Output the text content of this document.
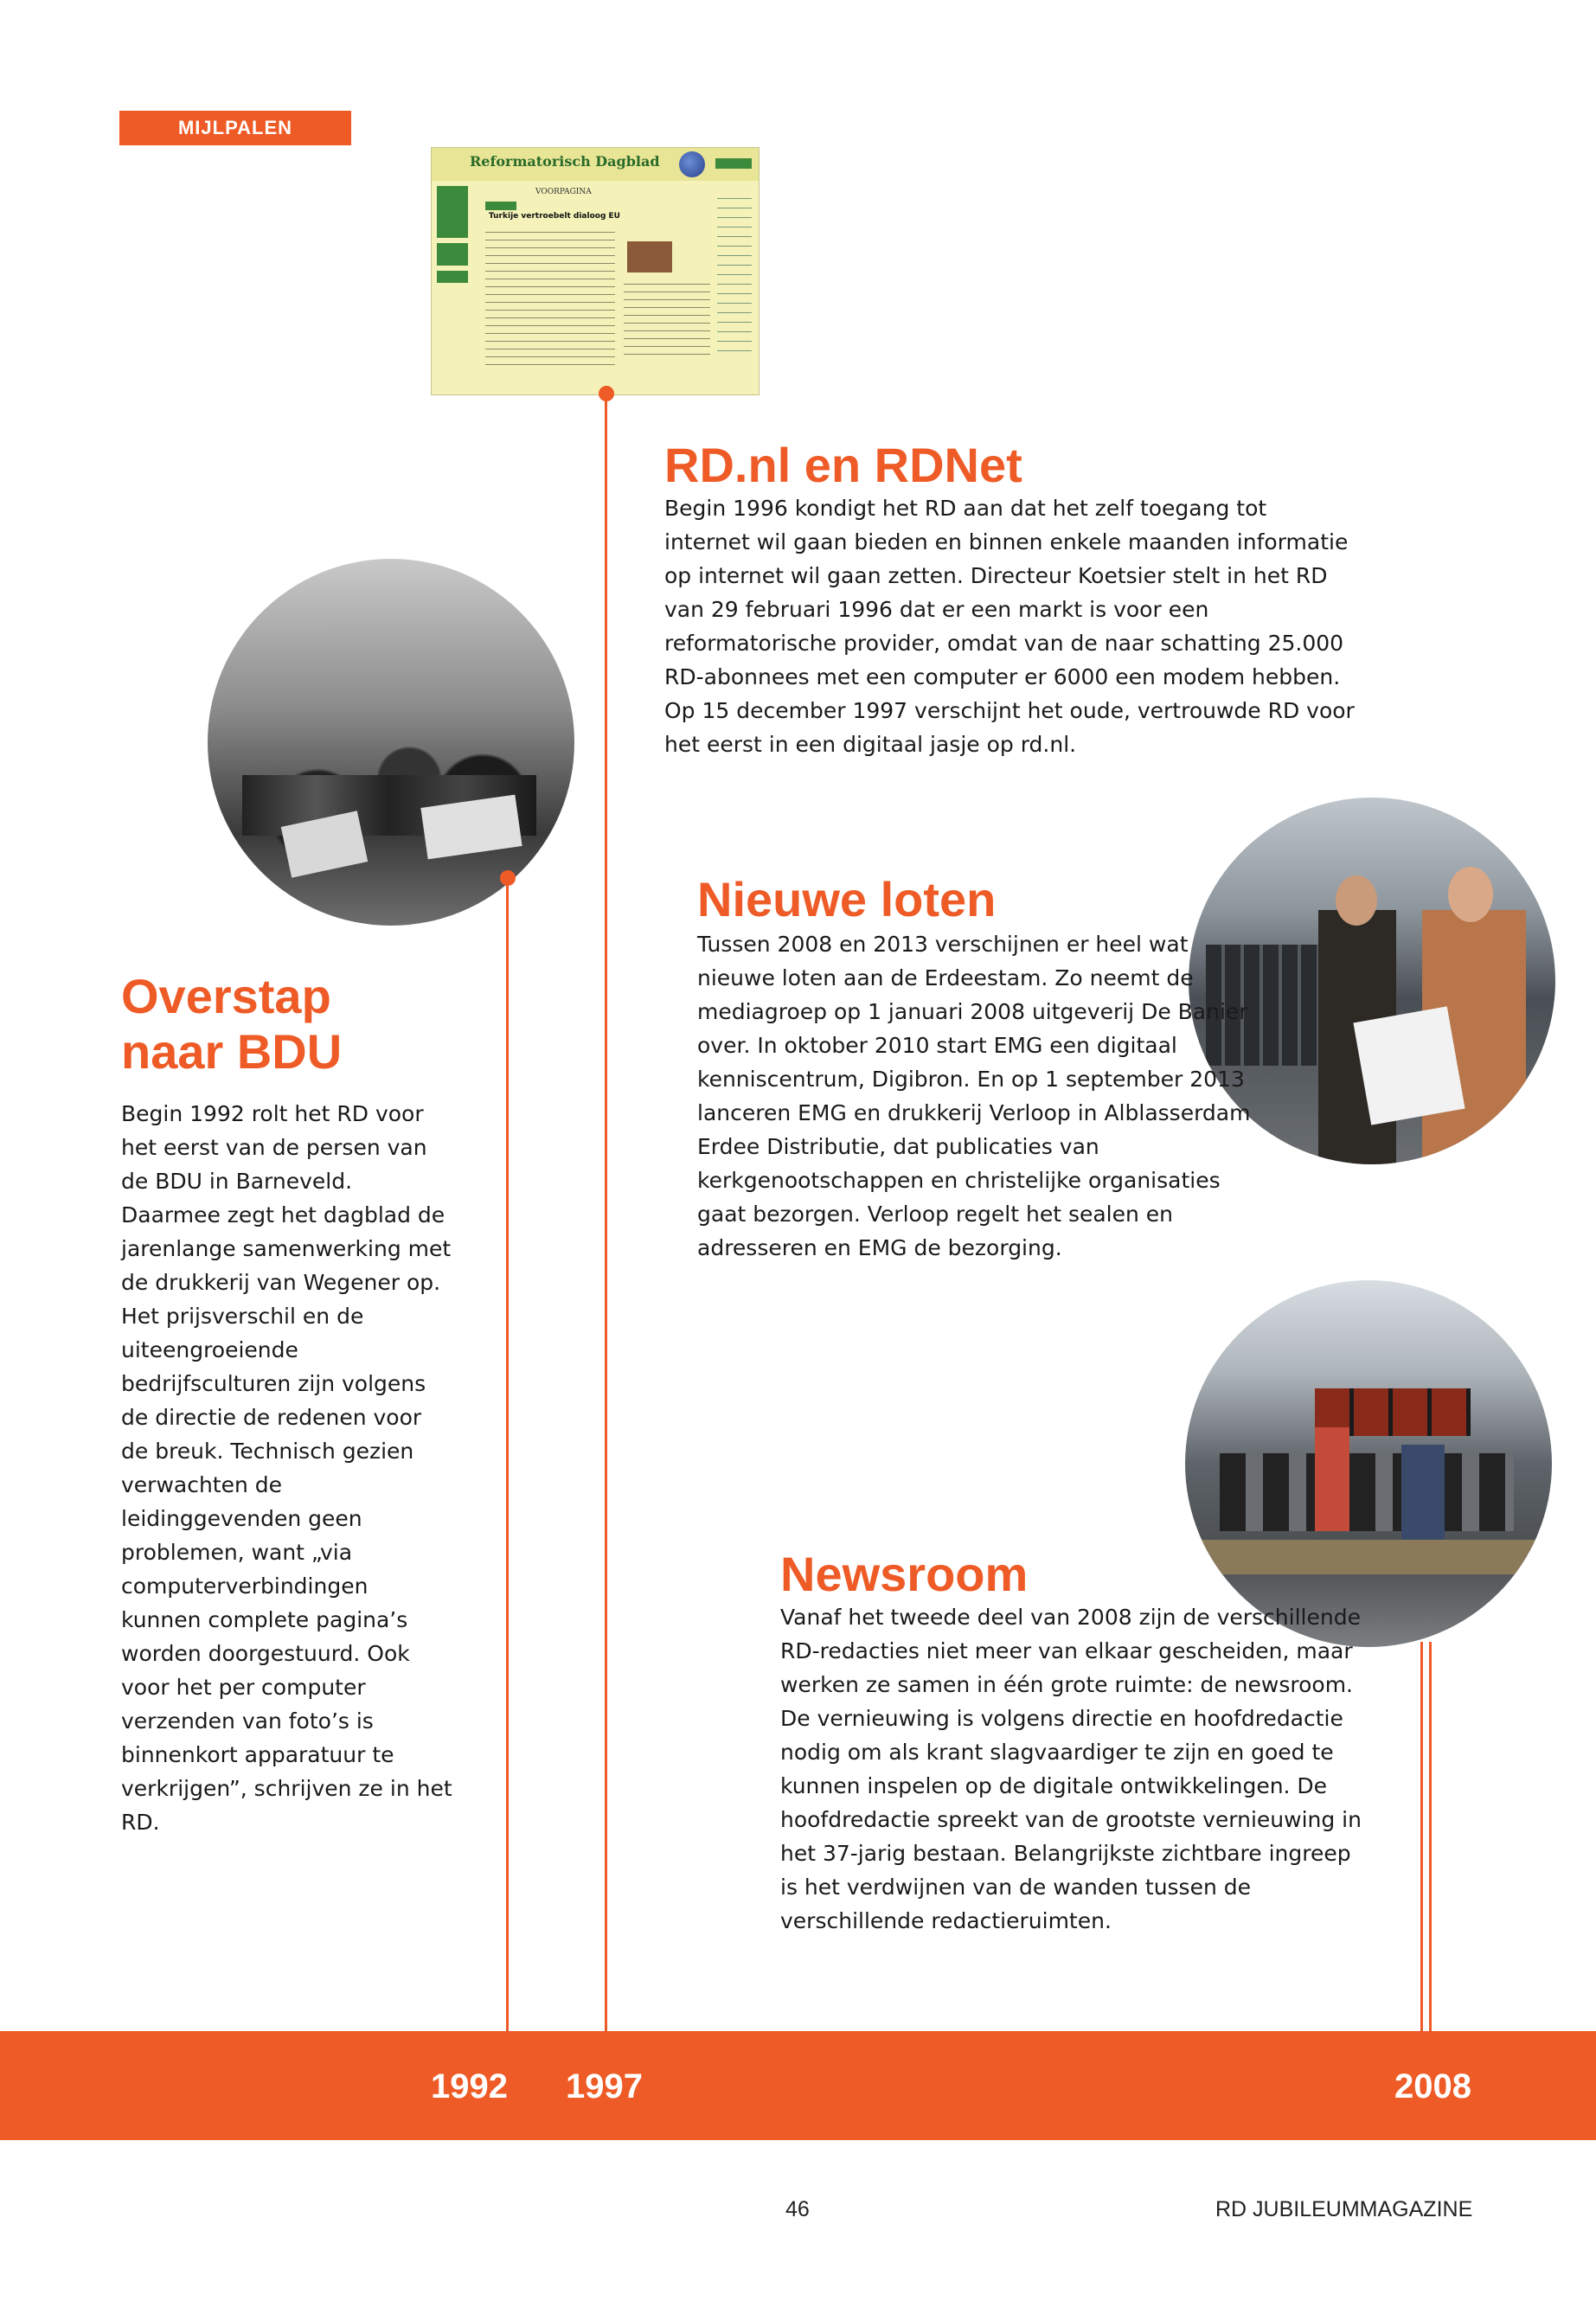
MIJLPALEN
Reformatorisch Dagblad
VOORPAGINA
Turkije vertroebelt dialoog EU
RD.nl en RDNet

Begin 1996 kondigt het RD aan dat het zelf toegang tot internet wil gaan bieden en binnen enkele maanden informatie op internet wil gaan zetten. Directeur Koetsier stelt in het RD van 29 februari 1996 dat er een markt is voor een reformatorische provider, omdat van de naar schatting 25.000 RD-abonnees met een computer er 6000 een modem hebben. Op 15 december 1997 verschijnt het oude, vertrouwde RD voor het eerst in een digitaal jasje op rd.nl.

Overstap
naar BDU

Begin 1992 rolt het RD voor het eerst van de persen van de BDU in Barneveld. Daarmee zegt het dagblad de jarenlange samenwerking met de drukkerij van Wegener op. Het prijsverschil en de uiteengroeiende bedrijfsculturen zijn volgens de directie de redenen voor de breuk. Technisch gezien verwachten de leidinggevenden geen problemen, want „via computerverbindingen kunnen complete pagina’s worden doorgestuurd. Ook voor het per computer verzenden van foto’s is binnenkort apparatuur te verkrijgen”, schrijven ze in het RD.

Nieuwe loten

Tussen 2008 en 2013 verschijnen er heel wat nieuwe loten aan de Erdeestam. Zo neemt de mediagroep op 1 januari 2008 uitgeverij De Banier over. In oktober 2010 start EMG een digitaal kenniscentrum, Digibron. En op 1 september 2013 lanceren EMG en drukkerij Verloop in Alblasserdam Erdee Distributie, dat publicaties van kerkgenootschappen en christelijke organisaties gaat bezorgen. Verloop regelt het sealen en adresseren en EMG de bezorging.

Newsroom

Vanaf het tweede deel van 2008 zijn de verschillende RD-redacties niet meer van elkaar gescheiden, maar werken ze samen in één grote ruimte: de newsroom. De vernieuwing is volgens directie en hoofdredactie nodig om als krant slagvaardiger te zijn en goed te kunnen inspelen op de digitale ontwikkelingen. De hoofdredactie spreekt van de grootste vernieuwing in het 37-jarig bestaan. Belangrijkste zichtbare ingreep is het verdwijnen van de wanden tussen de verschillende redactieruimten.

1992 1997	2008
46	RD JUBILEUMMAGAZINE
